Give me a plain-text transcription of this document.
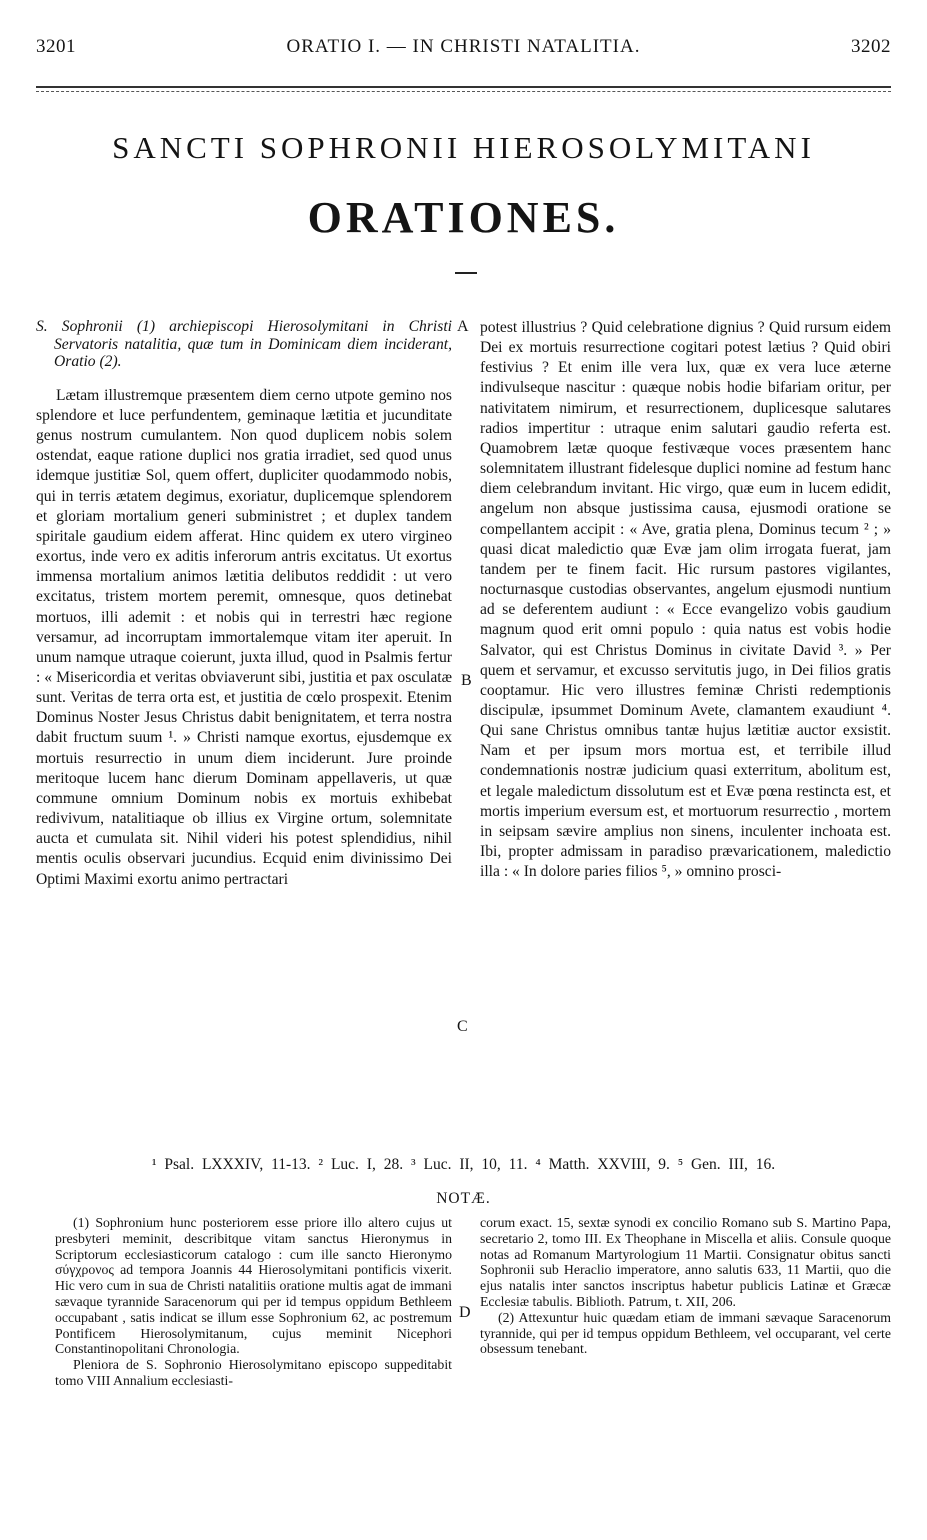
3201	ORATIO I. — IN CHRISTI NATALITIA.	3202
SANCTI SOPHRONII HIEROSOLYMITANI
ORATIONES.
A
B
C
D

S. Sophronii (1) archiepiscopi Hierosolymitani in Christi Servatoris natalitia, quæ tum in Dominicam diem inciderant, Oratio (2).

Lætam illustremque præsentem diem cerno utpote gemino nos splendore et luce perfundentem, geminaque lætitia et jucunditate genus nostrum cumulantem. Non quod duplicem nobis solem ostendat, eaque ratione duplici nos gratia irradiet, sed quod unus idemque justitiæ Sol, quem offert, dupliciter quodammodo nobis, qui in terris ætatem degimus, exoriatur, duplicemque splendorem et gloriam mortalium generi subministret ; et duplex tandem spiritale gaudium eidem afferat. Hinc quidem ex utero virgineo exortus, inde vero ex aditis inferorum antris excitatus. Ut exortus immensa mortalium animos lætitia delibutos reddidit : ut vero excitatus, tristem mortem peremit, omnesque, quos detinebat mortuos, illi ademit : et nobis qui in terrestri hæc regione versamur, ad incorruptam immortalemque vitam iter aperuit. In unum namque utraque coierunt, juxta illud, quod in Psalmis fertur : « Misericordia et veritas obviaverunt sibi, justitia et pax osculatæ sunt. Veritas de terra orta est, et justitia de cœlo prospexit. Etenim Dominus Noster Jesus Christus dabit benignitatem, et terra nostra dabit fructum suum ¹. » Christi namque exortus, ejusdemque ex mortuis resurrectio in unum diem inciderunt. Jure proinde meritoque lucem hanc dierum Dominam appellaveris, ut quæ commune omnium Dominum nobis ex mortuis exhibebat redivivum, natalitiaque ob illius ex Virgine ortum, solemnitate aucta et cumulata sit. Nihil videri his potest splendidius, nihil mentis oculis observari jucundius. Ecquid enim divinissimo Dei Optimi Maximi exortu animo pertractari

potest illustrius ? Quid celebratione dignius ? Quid rursum eidem Dei ex mortuis resurrectione cogitari potest lætius ? Quid obiri festivius ? Et enim ille vera lux, quæ ex vera luce æterne indivulseque nascitur : quæque nobis hodie bifariam oritur, per nativitatem nimirum, et resurrectionem, duplicesque salutares radios impertitur : utraque enim salutari gaudio referta est. Quamobrem lætæ quoque festivæque voces præsentem hanc solemnitatem illustrant fidelesque duplici nomine ad festum hanc diem celebrandum invitant. Hic virgo, quæ eum in lucem edidit, angelum non absque justissima causa, ejusmodi oratione se compellantem accipit : « Ave, gratia plena, Dominus tecum ² ; » quasi dicat maledictio quæ Evæ jam olim irrogata fuerat, jam tandem per te finem facit. Hic rursum pastores vigilantes, nocturnasque custodias observantes, angelum ejusmodi nuntium ad se deferentem audiunt : « Ecce evangelizo vobis gaudium magnum quod erit omni populo : quia natus est vobis hodie Salvator, qui est Christus Dominus in civitate David ³. » Per quem et servamur, et excusso servitutis jugo, in Dei filios gratis cooptamur. Hic vero illustres feminæ Christi redemptionis discipulæ, ipsummet Dominum Avete, clamantem exaudiunt ⁴. Qui sane Christus omnibus tantæ hujus lætitiæ auctor exsistit. Nam et per ipsum mors mortua est, et terribile illud condemnationis nostræ judicium quasi exterritum, abolitum est, et legale maledictum dissolutum est et Evæ pœna restincta est, et mortis imperium eversum est, et mortuorum resurrectio , mortem in seipsam sævire amplius non sinens, inculenter inchoata est. Ibi, propter admissam in paradiso prævaricationem, maledictio illa : « In dolore paries filios ⁵, » omnino prosci-

¹ Psal. LXXXIV, 11-13. ² Luc. I, 28. ³ Luc. II, 10, 11. ⁴ Matth. XXVIII, 9. ⁵ Gen. III, 16.
NOTÆ.

(1) Sophronium hunc posteriorem esse priore illo altero cujus ut presbyteri meminit, describitque vitam sanctus Hieronymus in Scriptorum ecclesiasticorum catalogo : cum ille sancto Hieronymo σύγχρονος ad tempora Joannis 44 Hierosolymitani pontificis vixerit. Hic vero cum in sua de Christi natalitiis oratione multis agat de immani sævaque tyrannide Saracenorum qui per id tempus oppidum Bethleem occupabant , satis indicat se illum esse Sophronium 62, ac postremum Pontificem Hierosolymitanum, cujus meminit Nicephori Constantinopolitani Chronologia.

Pleniora de S. Sophronio Hierosolymitano episcopo suppeditabit tomo VIII Annalium ecclesiasti-

corum exact. 15, sextæ synodi ex concilio Romano sub S. Martino Papa, secretario 2, tomo III. Ex Theophane in Miscella et aliis. Consule quoque notas ad Romanum Martyrologium 11 Martii. Consignatur obitus sancti Sophronii sub Heraclio imperatore, anno salutis 633, 11 Martii, quo die ejus natalis inter sanctos inscriptus habetur publicis Latinæ et Græcæ Ecclesiæ tabulis. Biblioth. Patrum, t. XII, 206.

(2) Attexuntur huic quædam etiam de immani sævaque Saracenorum tyrannide, qui per id tempus oppidum Bethleem, vel occuparant, vel certe obsessum tenebant.
